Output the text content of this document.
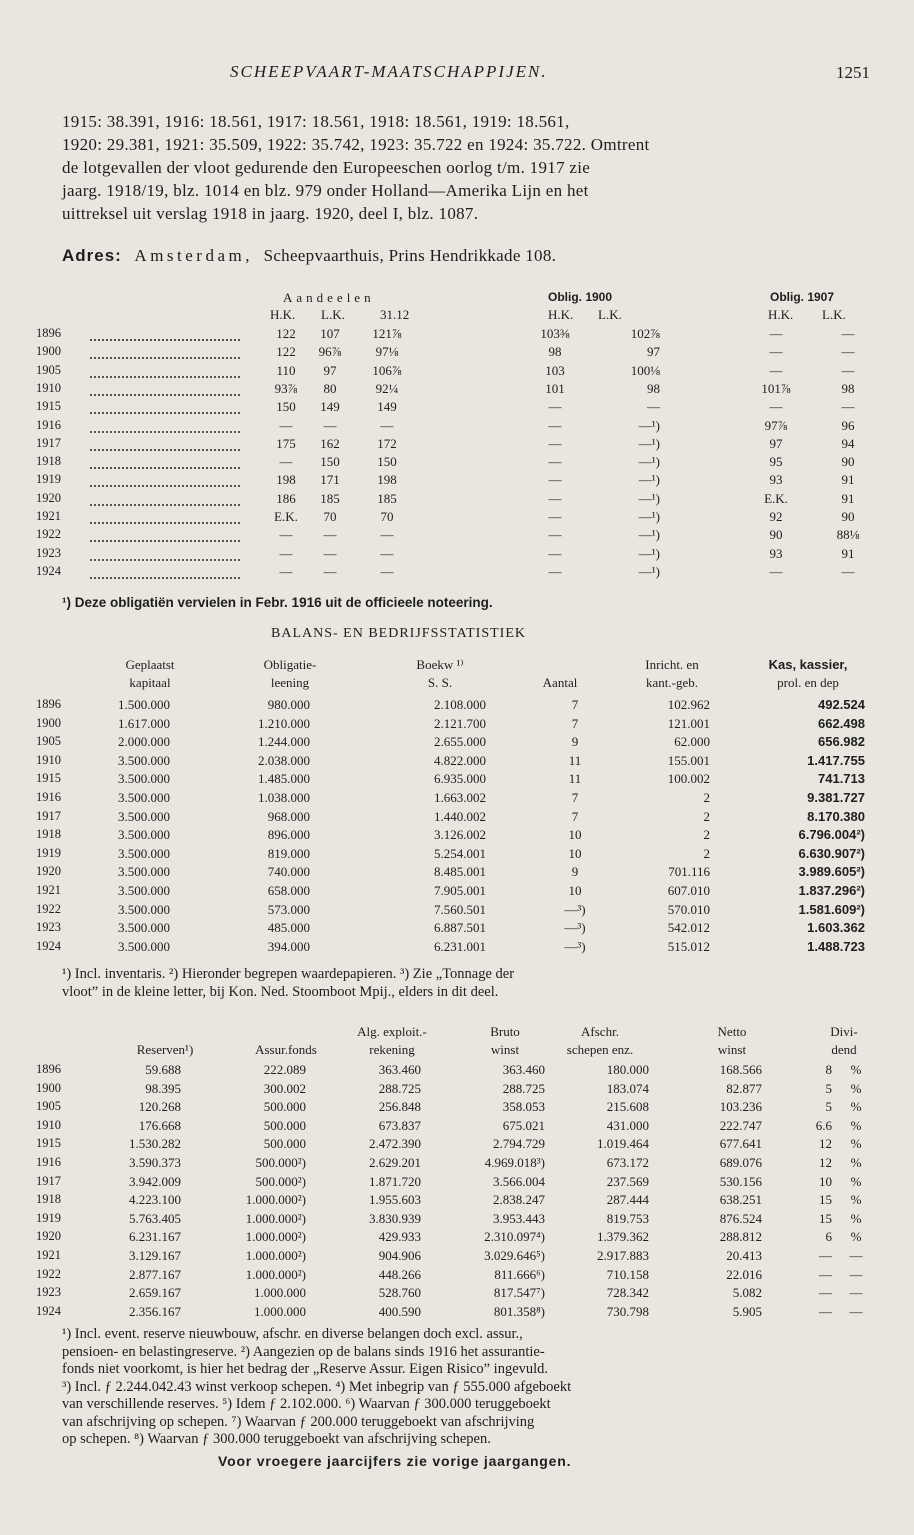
SCHEEPVAART-MAATSCHAPPIJEN.	1251
1915: 38.391, 1916: 18.561, 1917: 18.561, 1918: 18.561, 1919: 18.561,
1920: 29.381, 1921: 35.509, 1922: 35.742, 1923: 35.722 en 1924: 35.722. Omtrent
de lotgevallen der vloot gedurende den Europeeschen oorlog t/m. 1917 zie
jaarg. 1918/19, blz. 1014 en blz. 979 onder Holland—Amerika Lijn en het
uittreksel uit verslag 1918 in jaarg. 1920, deel I, blz. 1087.
Adres: Amsterdam, Scheepvaarthuis, Prins Hendrikkade 108.
Aandeelen	Oblig. 1900	Oblig. 1907
H.K. L.K.	31.12	H.K. L.K.	H.K. L.K.
1896	122	107	121⅞	103⅜	102⅞	—	—
1900	122	96⅞	97⅛	98	97	—	—
1905	110	97	106⅞	103	100⅛	—	—
1910	93⅞	80	92¼	101	98	101⅞	98
1915	150	149	149	—	—	—	—
1916	—	—	—	—	—¹)	97⅞	96
1917	175	162	172	—	—¹)	97	94
1918	—	150	150	—	—¹)	95	90
1919	198	171	198	—	—¹)	93	91
1920	186	185	185	—	—¹)	E.K.	91
1921	E.K.	70	70	—	—¹)	92	90
1922	—	—	—	—	—¹)	90	88⅛
1923	—	—	—	—	—¹)	93	91
1924	—	—	—	—	—¹)	—	—
¹) Deze obligatiën vervielen in Febr. 1916 uit de officieele noteering.
BALANS- EN BEDRIJFSSTATISTIEK
Geplaatst
kapitaal
Obligatie-
leening
Boekw ¹⁾
S. S.	Aantal
Inricht. en
kant.-geb.
Kas, kassier,
prol. en dep
1896	1.500.000	980.000	2.108.000	7	102.962	492.524
1900	1.617.000	1.210.000	2.121.700	7	121.001	662.498
1905	2.000.000	1.244.000	2.655.000	9	62.000	656.982
1910	3.500.000	2.038.000	4.822.000	11	155.001	1.417.755
1915	3.500.000	1.485.000	6.935.000	11	100.002	741.713
1916	3.500.000	1.038.000	1.663.002	7	2	9.381.727
1917	3.500.000	968.000	1.440.002	7	2	8.170.380
1918	3.500.000	896.000	3.126.002	10	2	6.796.004²)
1919	3.500.000	819.000	5.254.001	10	2	6.630.907²)
1920	3.500.000	740.000	8.485.001	9	701.116	3.989.605²)
1921	3.500.000	658.000	7.905.001	10	607.010	1.837.296²)
1922	3.500.000	573.000	7.560.501	—³)	570.010	1.581.609²)
1923	3.500.000	485.000	6.887.501	—³)	542.012	1.603.362
1924	3.500.000	394.000	6.231.001	—³)	515.012	1.488.723
¹) Incl. inventaris. ²) Hieronder begrepen waardepapieren. ³) Zie „Tonnage der
vloot” in de kleine letter, bij Kon. Ned. Stoomboot Mpij., elders in dit deel.
Reserven¹)	Assur.fonds
Alg. exploit.-
rekening
Bruto
winst
Afschr.
schepen enz.
Netto
winst
Divi-
dend
1896	59.688	222.089	363.460	363.460	180.000	168.566	8	%
1900	98.395	300.002	288.725	288.725	183.074	82.877	5	%
1905	120.268	500.000	256.848	358.053	215.608	103.236	5	%
1910	176.668	500.000	673.837	675.021	431.000	222.747	6.6	%
1915	1.530.282	500.000	2.472.390	2.794.729	1.019.464	677.641	12	%
1916	3.590.373	500.000²)	2.629.201	4.969.018³)	673.172	689.076	12	%
1917	3.942.009	500.000²)	1.871.720	3.566.004	237.569	530.156	10	%
1918	4.223.100	1.000.000²)	1.955.603	2.838.247	287.444	638.251	15	%
1919	5.763.405	1.000.000²)	3.830.939	3.953.443	819.753	876.524	15	%
1920	6.231.167	1.000.000²)	429.933	2.310.097⁴)	1.379.362	288.812	6	%
1921	3.129.167	1.000.000²)	904.906	3.029.646⁵)	2.917.883	20.413	— —
1922	2.877.167	1.000.000²)	448.266	811.666⁶)	710.158	22.016	— —
1923	2.659.167	1.000.000	528.760	817.547⁷)	728.342	5.082	— —
1924	2.356.167	1.000.000	400.590	801.358⁸)	730.798	5.905	— —
¹) Incl. event. reserve nieuwbouw, afschr. en diverse belangen doch excl. assur.,
pensioen- en belastingreserve. ²) Aangezien op de balans sinds 1916 het assurantie-
fonds niet voorkomt, is hier het bedrag der „Reserve Assur. Eigen Risico” ingevuld.
³) Incl. ƒ 2.244.042.43 winst verkoop schepen. ⁴) Met inbegrip van ƒ 555.000 afgeboekt
van verschillende reserves. ⁵) Idem ƒ 2.102.000. ⁶) Waarvan ƒ 300.000 teruggeboekt
van afschrijving op schepen. ⁷) Waarvan ƒ 200.000 teruggeboekt van afschrijving
op schepen. ⁸) Waarvan ƒ 300.000 teruggeboekt van afschrijving schepen.
Voor vroegere jaarcijfers zie vorige jaargangen.
